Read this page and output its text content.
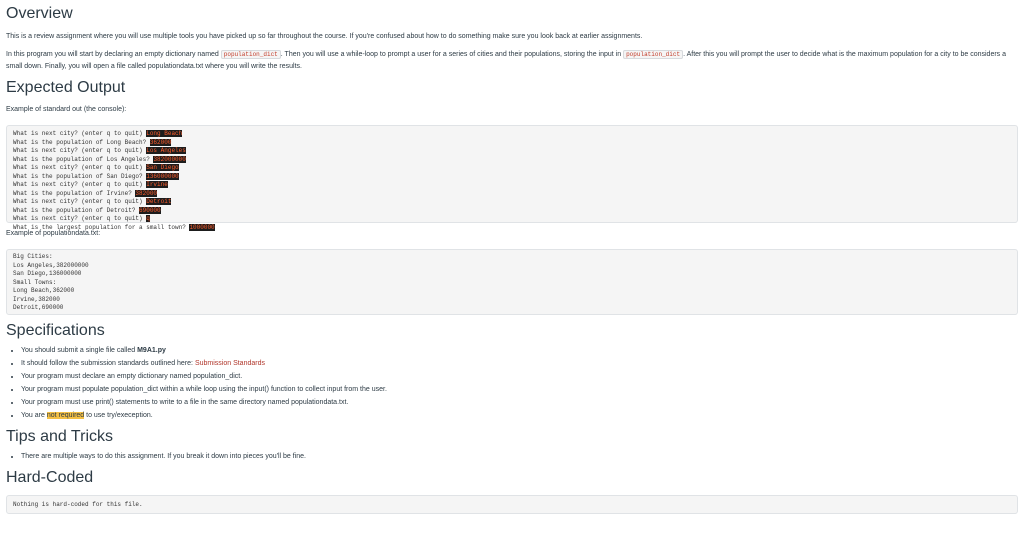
Overview

This is a review assignment where you will use multiple tools you have picked up so far throughout the course. If you're confused about how to do something make sure you look back at earlier assignments.

In this program you will start by declaring an empty dictionary named population_dict . Then you will use a while-loop to prompt a user for a series of cities and their populations, storing the input in population_dict . After this you will prompt the user to decide what is the maximum population for a city to be considers a small down. Finally, you will open a file called populationdata.txt where you will write the results.

Expected Output

Example of standard out (the console):

What is next city? (enter q to quit) Long Beach
What is the population of Long Beach? 362000
What is next city? (enter q to quit) Los Angeles
What is the population of Los Angeles? 382000000
What is next city? (enter q to quit) San Diego
What is the population of San Diego? 136000000
What is next city? (enter q to quit) Irvine
What is the population of Irvine? 382000
What is next city? (enter q to quit) Detroit
What is the population of Detroit? 690000
What is next city? (enter q to quit) q
What is the largest population for a small town? 1000000

Example of populationdata.txt:

Big Cities:
Los Angeles,382000000
San Diego,136000000
Small Towns:
Long Beach,362000
Irvine,382000
Detroit,690000
Specifications
• You should submit a single file called M9A1.py
• It should follow the submission standards outlined here: Submission Standards
• Your program must declare an empty dictionary named population_dict.
• Your program must populate population_dict within a while loop using the input() function to collect input from the user.
• Your program must use print() statements to write to a file in the same directory named populationdata.txt.
• You are not required to use try/exeception.
Tips and Tricks
• There are multiple ways to do this assignment. If you break it down into pieces you'll be fine.
Hard-Coded
Nothing is hard-coded for this file.
